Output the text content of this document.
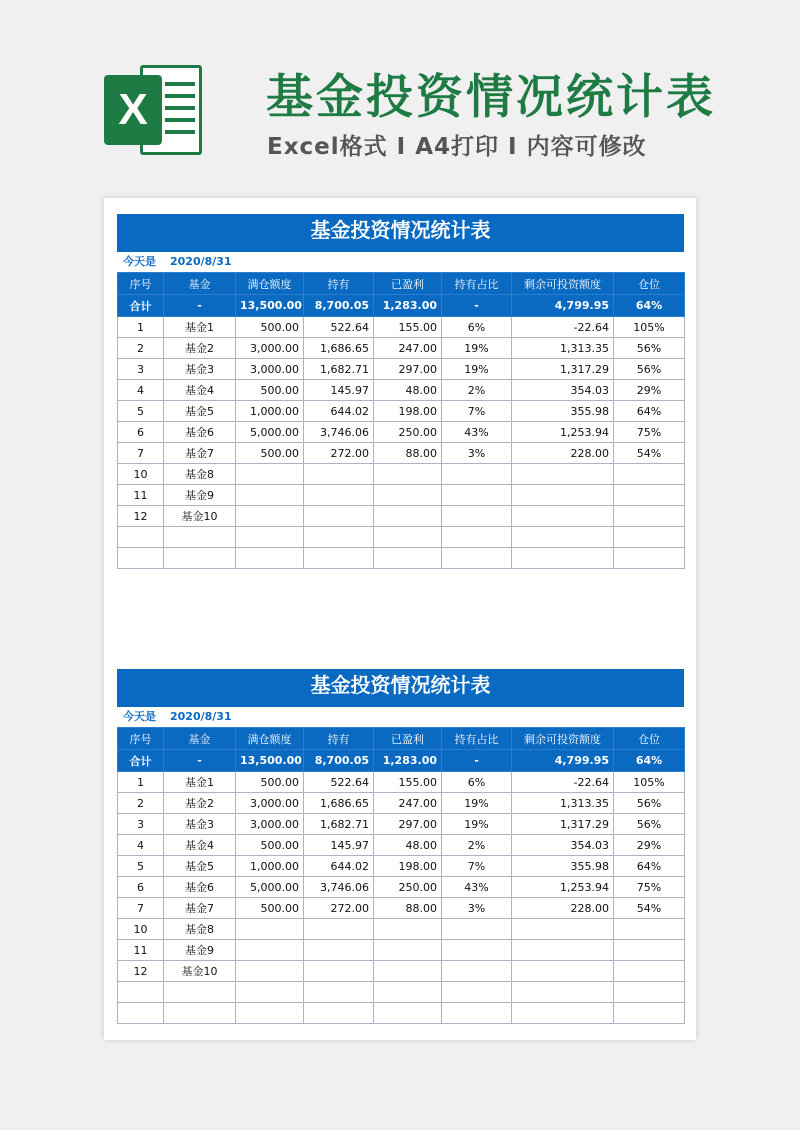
X	基金投资情况统计表
Excel格式 I A4打印 I 内容可修改
基金投资情况统计表
今天是 2020/8/31
序号	基金	满仓额度	持有	已盈利	持有占比	剩余可投资额度	仓位
合计	-	13,500.00	8,700.05	1,283.00	-	4,799.95	64%
1	基金1	500.00	522.64	155.00	6%	-22.64	105%
2	基金2	3,000.00	1,686.65	247.00	19%	1,313.35	56%
3	基金3	3,000.00	1,682.71	297.00	19%	1,317.29	56%
4	基金4	500.00	145.97	48.00	2%	354.03	29%
5	基金5	1,000.00	644.02	198.00	7%	355.98	64%
6	基金6	5,000.00	3,746.06	250.00	43%	1,253.94	75%
7	基金7	500.00	272.00	88.00	3%	228.00	54%
10	基金8						
11	基金9						
12	基金10						

基金投资情况统计表
今天是 2020/8/31
序号	基金	满仓额度	持有	已盈利	持有占比	剩余可投资额度	仓位
合计	-	13,500.00	8,700.05	1,283.00	-	4,799.95	64%
1	基金1	500.00	522.64	155.00	6%	-22.64	105%
2	基金2	3,000.00	1,686.65	247.00	19%	1,313.35	56%
3	基金3	3,000.00	1,682.71	297.00	19%	1,317.29	56%
4	基金4	500.00	145.97	48.00	2%	354.03	29%
5	基金5	1,000.00	644.02	198.00	7%	355.98	64%
6	基金6	5,000.00	3,746.06	250.00	43%	1,253.94	75%
7	基金7	500.00	272.00	88.00	3%	228.00	54%
10	基金8						
11	基金9						
12	基金10						
